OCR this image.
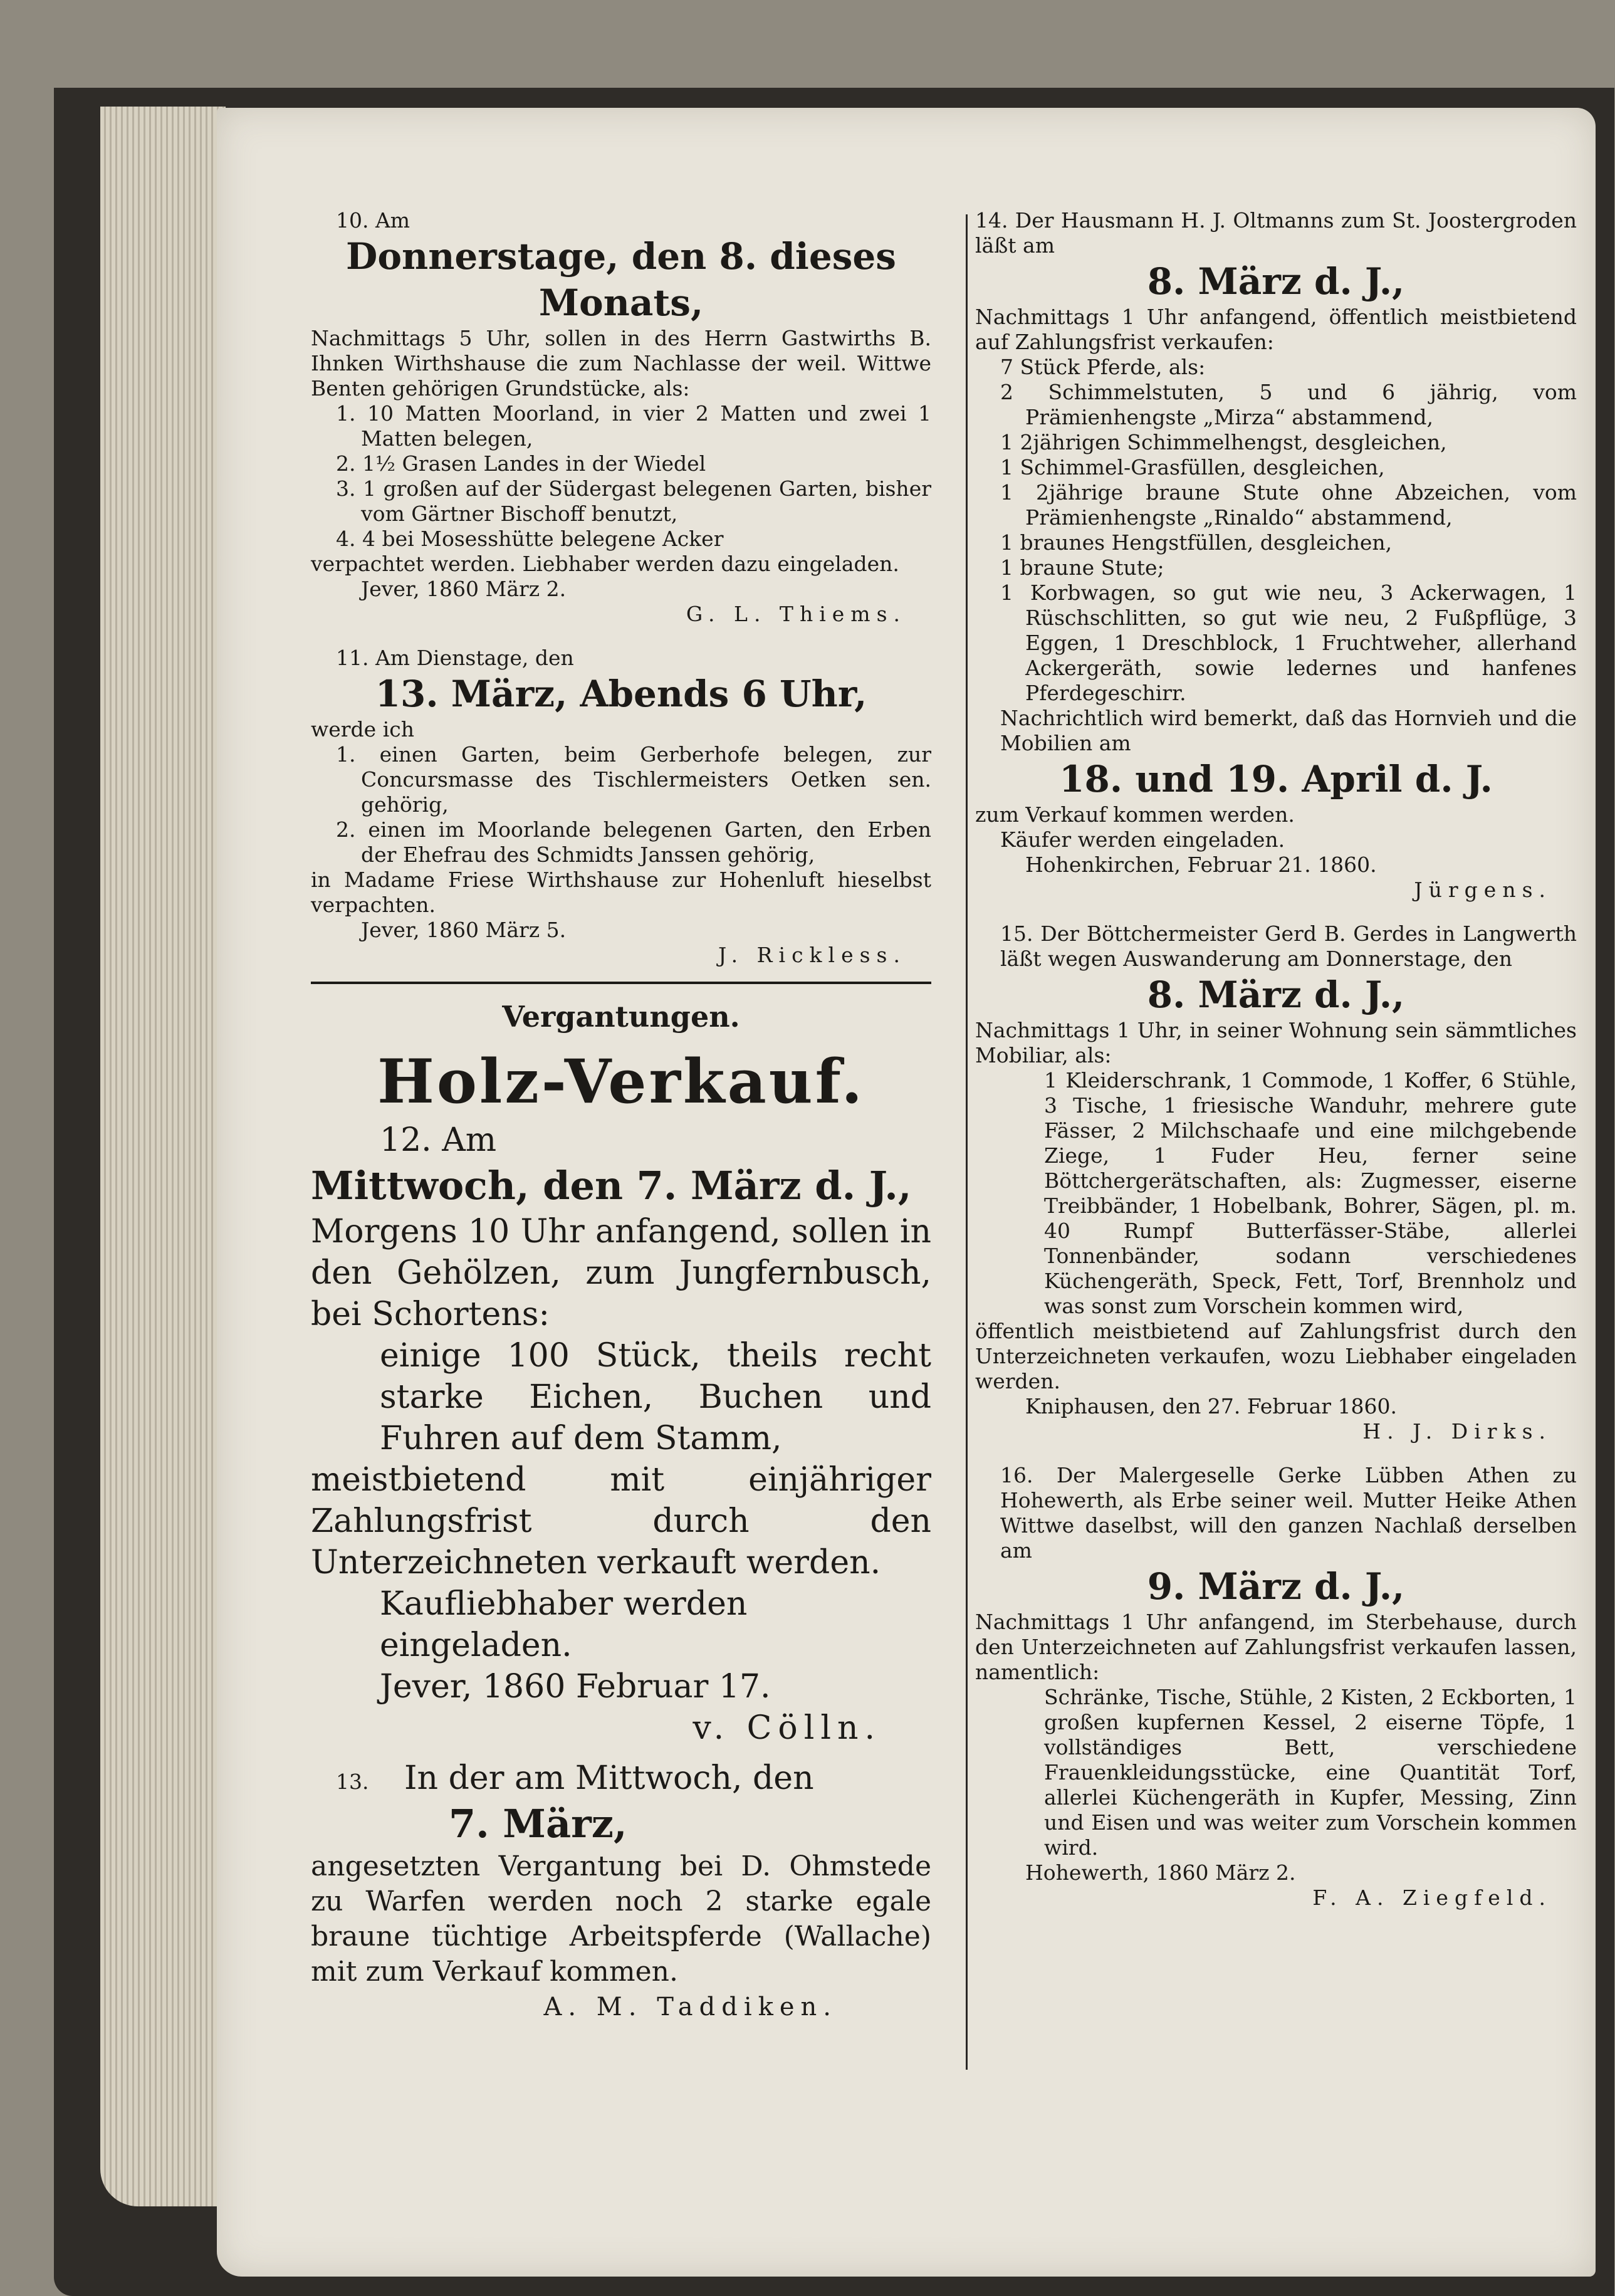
10. Am

Donnerstage, den 8. dieses Monats,

Nachmittags 5 Uhr, sollen in des Herrn Gastwirths B. Ihnken Wirthshause die zum Nachlasse der weil. Wittwe Benten gehörigen Grundstücke, als:

1. 10 Matten Moorland, in vier 2 Matten und zwei 1 Matten belegen,

2. 1½ Grasen Landes in der Wiedel

3. 1 großen auf der Südergast belegenen Garten, bisher vom Gärtner Bischoff benutzt,

4. 4 bei Mosesshütte belegene Acker

verpachtet werden. Liebhaber werden dazu eingeladen.

Jever, 1860 März 2.

G. L. Thiems.

11. Am Dienstage, den

13. März, Abends 6 Uhr,

werde ich

1. einen Garten, beim Gerberhofe belegen, zur Concursmasse des Tischlermeisters Oetken sen. gehörig,

2. einen im Moorlande belegenen Garten, den Erben der Ehefrau des Schmidts Janssen gehörig,

in Madame Friese Wirthshause zur Hohenluft hieselbst verpachten.

Jever, 1860 März 5.

J. Rickless.

Vergantungen.

Holz-Verkauf.

12. Am

Mittwoch, den 7. März d. J.,

Morgens 10 Uhr anfangend, sollen in den Gehölzen, zum Jungfernbusch, bei Schortens:

einige 100 Stück, theils recht starke Eichen, Buchen und Fuhren auf dem Stamm,

meistbietend mit einjähriger Zahlungsfrist durch den Unterzeichneten verkauft werden.

Kaufliebhaber werden eingeladen.

Jever, 1860 Februar 17.

v. Cölln.

13. In der am Mittwoch, den

7. März,

angesetzten Vergantung bei D. Ohmstede zu Warfen werden noch 2 starke egale braune tüchtige Arbeitspferde (Wallache) mit zum Verkauf kommen.

A. M. Taddiken.

14. Der Hausmann H. J. Oltmanns zum St. Joostergroden läßt am

8. März d. J.,

Nachmittags 1 Uhr anfangend, öffentlich meistbietend auf Zahlungsfrist verkaufen:

7 Stück Pferde, als:

2 Schimmelstuten, 5 und 6 jährig, vom Prämienhengste „Mirza“ abstammend,

1 2jährigen Schimmelhengst, desgleichen,

1 Schimmel-Grasfüllen, desgleichen,

1 2jährige braune Stute ohne Abzeichen, vom Prämienhengste „Rinaldo“ abstammend,

1 braunes Hengstfüllen, desgleichen,

1 braune Stute;

1 Korbwagen, so gut wie neu, 3 Ackerwagen, 1 Rüschschlitten, so gut wie neu, 2 Fußpflüge, 3 Eggen, 1 Dreschblock, 1 Fruchtweher, allerhand Ackergeräth, sowie ledernes und hanfenes Pferdegeschirr.

Nachrichtlich wird bemerkt, daß das Hornvieh und die Mobilien am

18. und 19. April d. J.

zum Verkauf kommen werden.

Käufer werden eingeladen.

Hohenkirchen, Februar 21. 1860.

Jürgens.

15. Der Böttchermeister Gerd B. Gerdes in Langwerth läßt wegen Auswanderung am Donnerstage, den

8. März d. J.,

Nachmittags 1 Uhr, in seiner Wohnung sein sämmtliches Mobiliar, als:

1 Kleiderschrank, 1 Commode, 1 Koffer, 6 Stühle, 3 Tische, 1 friesische Wanduhr, mehrere gute Fässer, 2 Milchschaafe und eine milchgebende Ziege, 1 Fuder Heu, ferner seine Böttchergerätschaften, als: Zugmesser, eiserne Treibbänder, 1 Hobelbank, Bohrer, Sägen, pl. m. 40 Rumpf Butterfässer-Stäbe, allerlei Tonnenbänder, sodann verschiedenes Küchengeräth, Speck, Fett, Torf, Brennholz und was sonst zum Vorschein kommen wird,

öffentlich meistbietend auf Zahlungsfrist durch den Unterzeichneten verkaufen, wozu Liebhaber eingeladen werden.

Kniphausen, den 27. Februar 1860.

H. J. Dirks.

16. Der Malergeselle Gerke Lübben Athen zu Hohewerth, als Erbe seiner weil. Mutter Heike Athen Wittwe daselbst, will den ganzen Nachlaß derselben am

9. März d. J.,

Nachmittags 1 Uhr anfangend, im Sterbehause, durch den Unterzeichneten auf Zahlungsfrist verkaufen lassen, namentlich:

Schränke, Tische, Stühle, 2 Kisten, 2 Eckborten, 1 großen kupfernen Kessel, 2 eiserne Töpfe, 1 vollständiges Bett, verschiedene Frauenkleidungsstücke, eine Quantität Torf, allerlei Küchengeräth in Kupfer, Messing, Zinn und Eisen und was weiter zum Vorschein kommen wird.

Hohewerth, 1860 März 2.

F. A. Ziegfeld.
